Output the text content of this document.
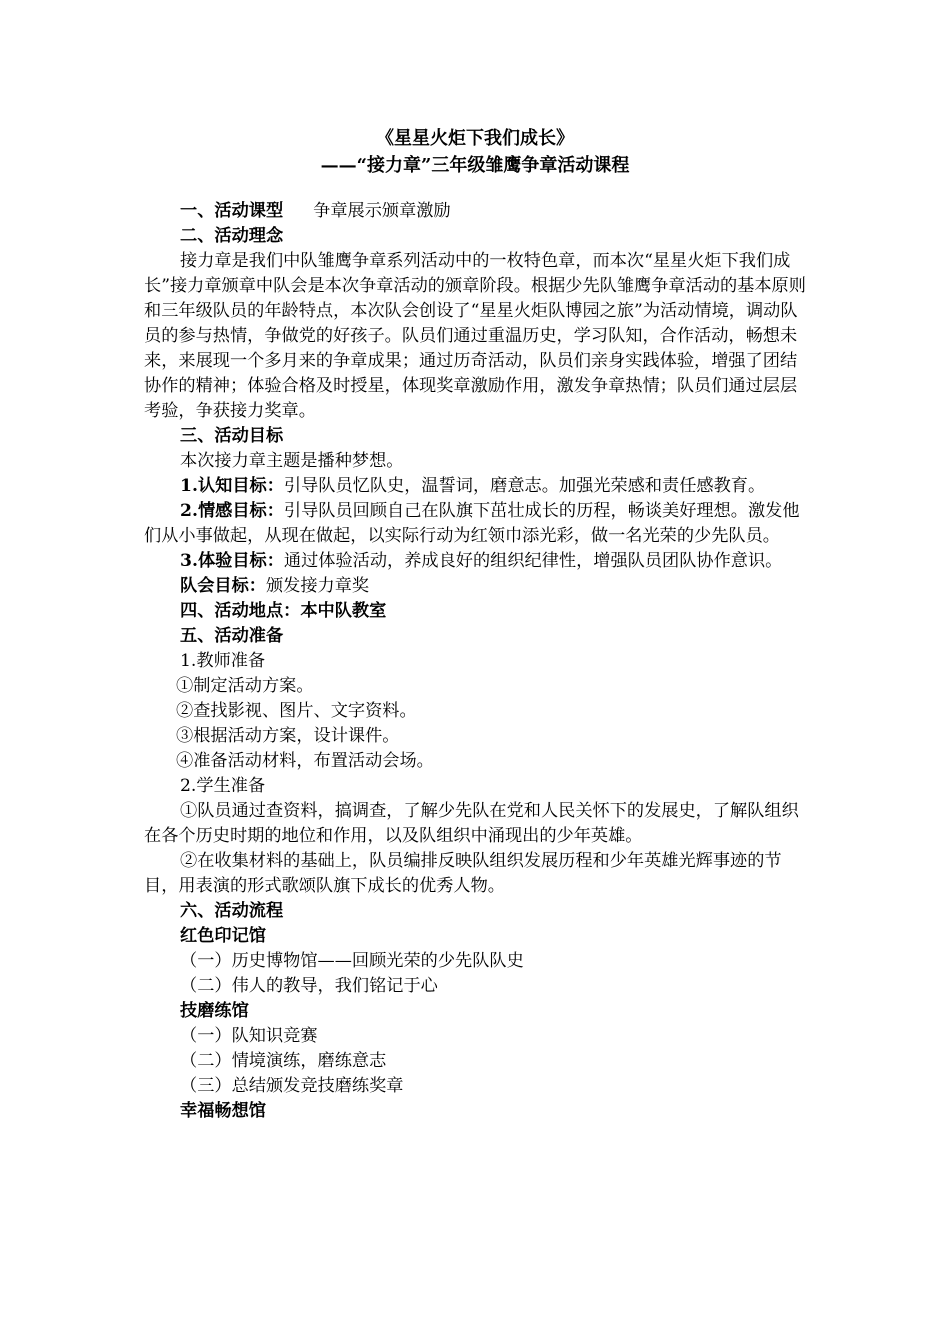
《星星火炬下我们成长》
——“接力章”三年级雏鹰争章活动课程

一、活动课型 争章展示颁章激励

二、活动理念

接力章是我们中队雏鹰争章系列活动中的一枚特色章，而本次“星星火炬下我们成长”接力章颁章中队会是本次争章活动的颁章阶段。根据少先队雏鹰争章活动的基本原则和三年级队员的年龄特点，本次队会创设了“星星火炬队博园之旅”为活动情境，调动队员的参与热情，争做党的好孩子。队员们通过重温历史，学习队知，合作活动，畅想未来，来展现一个多月来的争章成果；通过历奇活动，队员们亲身实践体验，增强了团结协作的精神；体验合格及时授星，体现奖章激励作用，激发争章热情；队员们通过层层考验，争获接力奖章。

三、活动目标

本次接力章主题是播种梦想。

1.认知目标：引导队员忆队史，温誓词，磨意志。加强光荣感和责任感教育。

2.情感目标：引导队员回顾自己在队旗下茁壮成长的历程，畅谈美好理想。激发他们从小事做起，从现在做起，以实际行动为红领巾添光彩，做一名光荣的少先队员。

3.体验目标：通过体验活动，养成良好的组织纪律性，增强队员团队协作意识。

队会目标：颁发接力章奖

四、活动地点：本中队教室

五、活动准备

1.教师准备

①制定活动方案。

②查找影视、图片、文字资料。

③根据活动方案，设计课件。

④准备活动材料，布置活动会场。

2.学生准备

①队员通过查资料，搞调查，了解少先队在党和人民关怀下的发展史，了解队组织在各个历史时期的地位和作用，以及队组织中涌现出的少年英雄。

②在收集材料的基础上，队员编排反映队组织发展历程和少年英雄光辉事迹的节目，用表演的形式歌颂队旗下成长的优秀人物。

六、活动流程

红色印记馆

（一）历史博物馆——回顾光荣的少先队队史

（二）伟人的教导，我们铭记于心

技磨练馆

（一）队知识竞赛

（二）情境演练，磨练意志

（三）总结颁发竞技磨练奖章

幸福畅想馆
